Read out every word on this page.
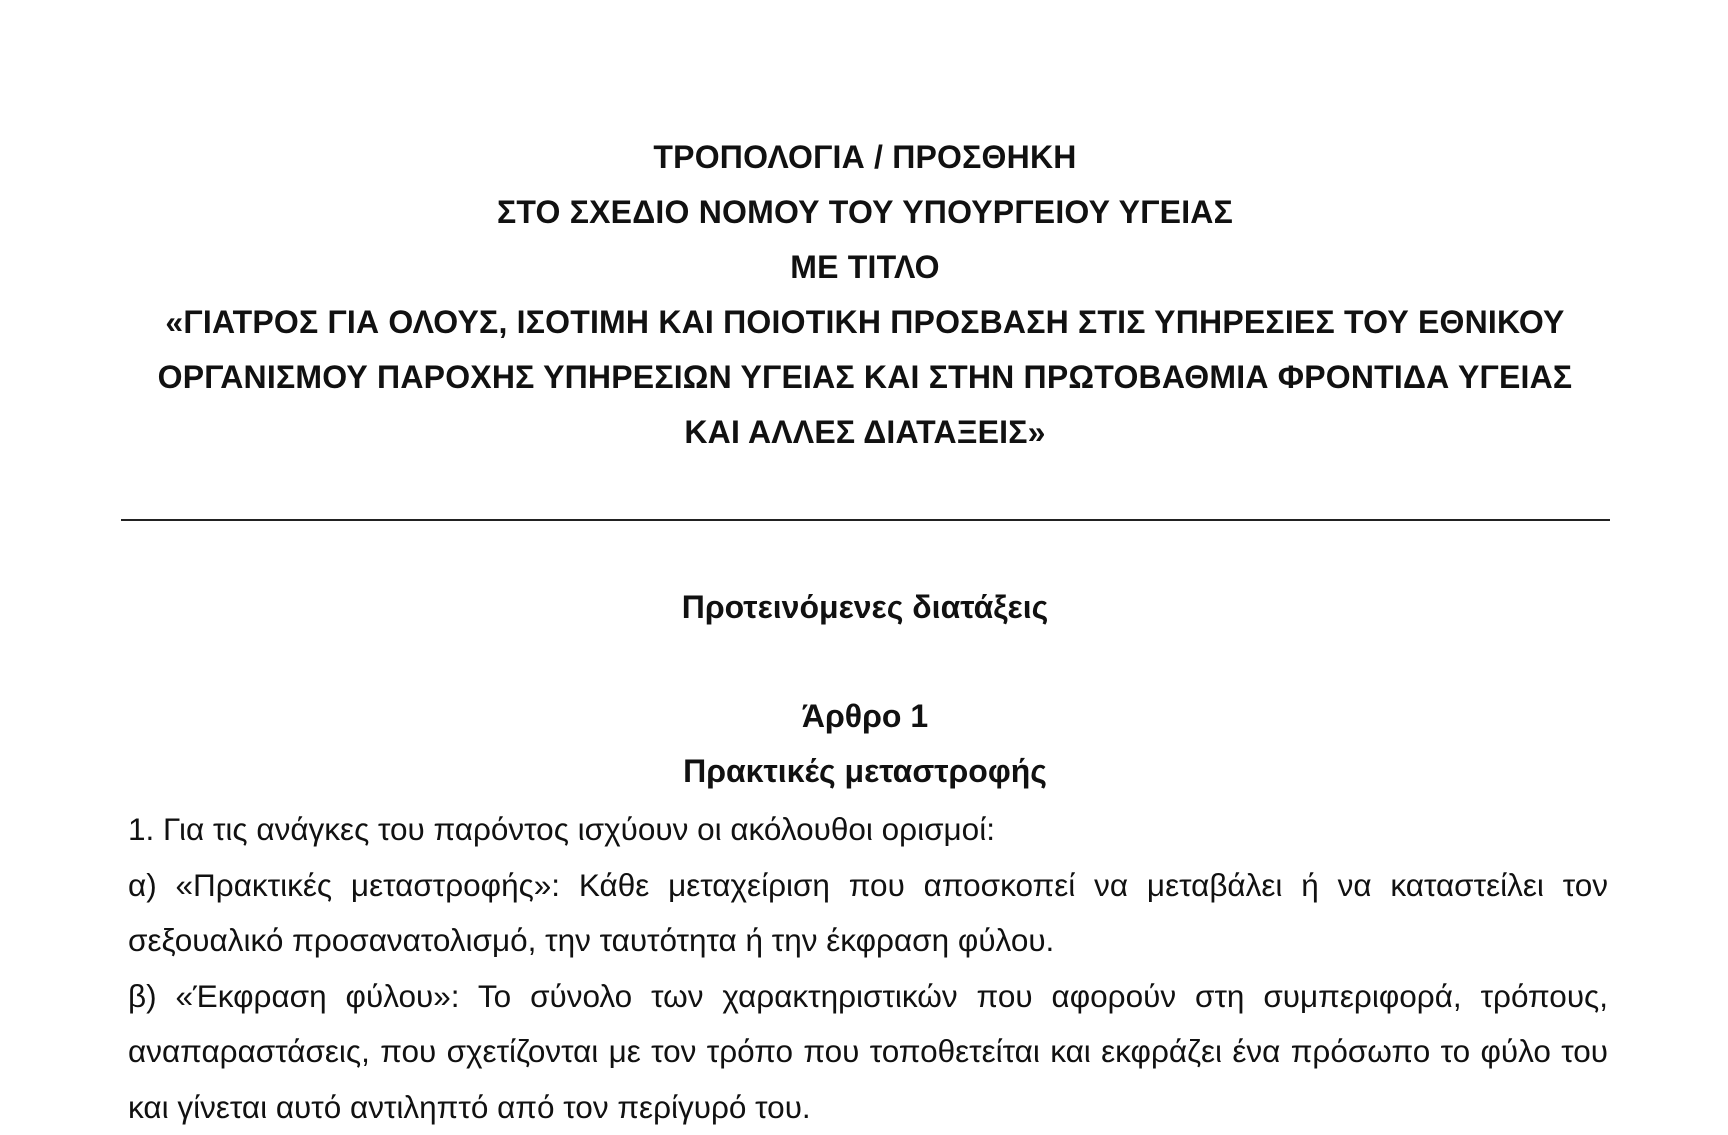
ΤΡΟΠΟΛΟΓΙΑ / ΠΡΟΣΘΗΚΗ
ΣΤΟ ΣΧΕΔΙΟ ΝΟΜΟΥ ΤΟΥ ΥΠΟΥΡΓΕΙΟΥ ΥΓΕΙΑΣ
ΜΕ ΤΙΤΛΟ
«ΓΙΑΤΡΟΣ ΓΙΑ ΟΛΟΥΣ, ΙΣΟΤΙΜΗ ΚΑΙ ΠΟΙΟΤΙΚΗ ΠΡΟΣΒΑΣΗ ΣΤΙΣ ΥΠΗΡΕΣΙΕΣ ΤΟΥ ΕΘΝΙΚΟΥ
ΟΡΓΑΝΙΣΜΟΥ ΠΑΡΟΧΗΣ ΥΠΗΡΕΣΙΩΝ ΥΓΕΙΑΣ ΚΑΙ ΣΤΗΝ ΠΡΩΤΟΒΑΘΜΙΑ ΦΡΟΝΤΙΔΑ ΥΓΕΙΑΣ
ΚΑΙ ΑΛΛΕΣ ΔΙΑΤΑΞΕΙΣ»
Προτεινόμενες διατάξεις
Άρθρο 1
Πρακτικές μεταστροφής

1. Για τις ανάγκες του παρόντος ισχύουν οι ακόλουθοι ορισμοί:

α) «Πρακτικές μεταστροφής»: Κάθε μεταχείριση που αποσκοπεί να μεταβάλει ή να καταστείλει τον σεξουαλικό προσανατολισμό, την ταυτότητα ή την έκφραση φύλου.

β) «Έκφραση φύλου»: Το σύνολο των χαρακτηριστικών που αφορούν στη συμπεριφορά, τρόπους, αναπαραστάσεις, που σχετίζονται με τον τρόπο που τοποθετείται και εκφράζει ένα πρόσωπο το φύλο του και γίνεται αυτό αντιληπτό από τον περίγυρό του.
